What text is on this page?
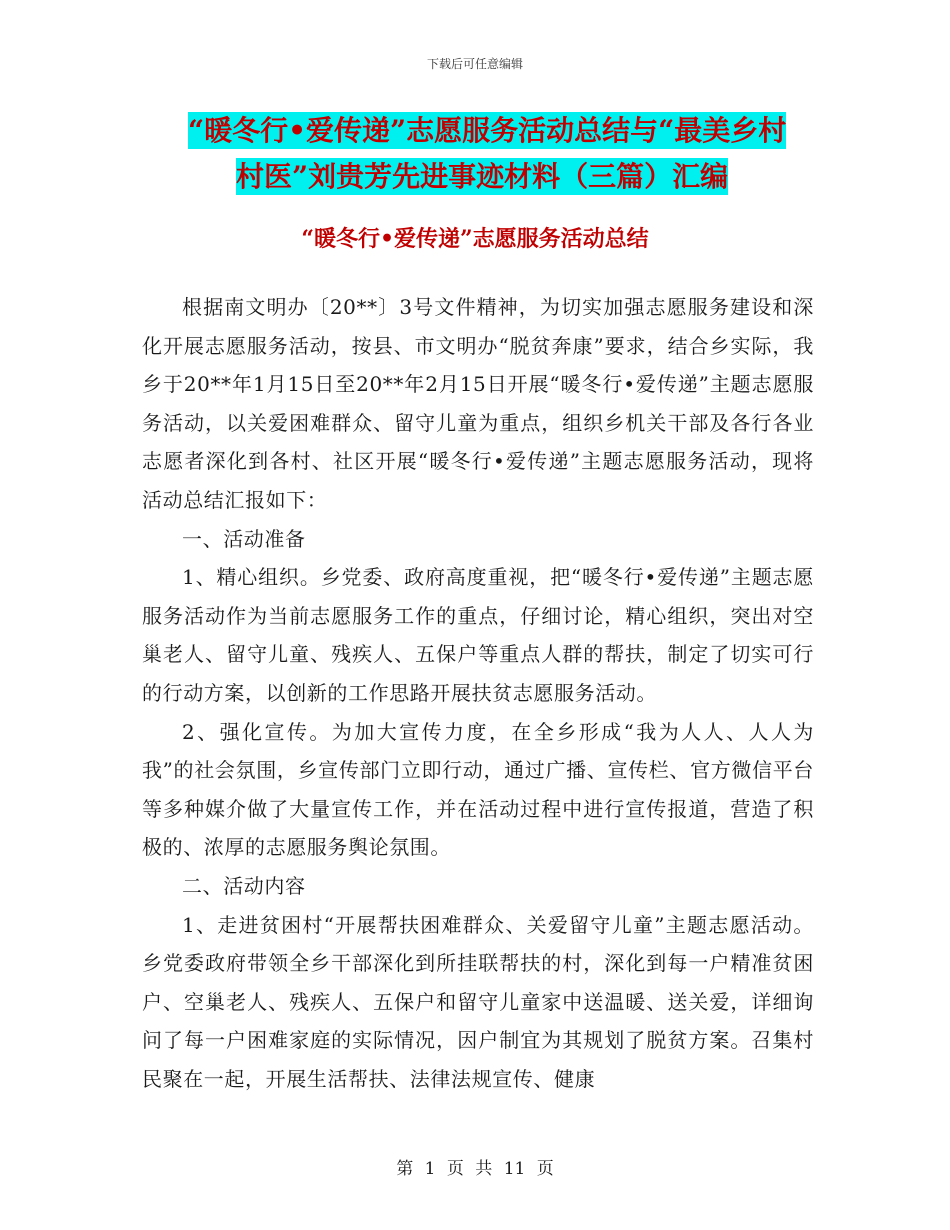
下载后可任意编辑
“暖冬行•爱传递”志愿服务活动总结与“最美乡村
村医”刘贵芳先进事迹材料（三篇）汇编
“暖冬行•爱传递”志愿服务活动总结

根据南文明办〔20**〕3号文件精神，为切实加强志愿服务建设和深化开展志愿服务活动，按县、市文明办“脱贫奔康”要求，结合乡实际，我乡于20**年1月15日至20**年2月15日开展“暖冬行•爱传递”主题志愿服务活动，以关爱困难群众、留守儿童为重点，组织乡机关干部及各行各业志愿者深化到各村、社区开展“暖冬行•爱传递”主题志愿服务活动，现将活动总结汇报如下：

一、活动准备

1、精心组织。乡党委、政府高度重视，把“暖冬行•爱传递”主题志愿服务活动作为当前志愿服务工作的重点，仔细讨论，精心组织，突出对空巢老人、留守儿童、残疾人、五保户等重点人群的帮扶，制定了切实可行的行动方案，以创新的工作思路开展扶贫志愿服务活动。

2、强化宣传。为加大宣传力度，在全乡形成“我为人人、人人为我”的社会氛围，乡宣传部门立即行动，通过广播、宣传栏、官方微信平台等多种媒介做了大量宣传工作，并在活动过程中进行宣传报道，营造了积极的、浓厚的志愿服务舆论氛围。

二、活动内容

1、走进贫困村“开展帮扶困难群众、关爱留守儿童”主题志愿活动。乡党委政府带领全乡干部深化到所挂联帮扶的村，深化到每一户精准贫困户、空巢老人、残疾人、五保户和留守儿童家中送温暖、送关爱，详细询问了每一户困难家庭的实际情况，因户制宜为其规划了脱贫方案。召集村民聚在一起，开展生活帮扶、法律法规宣传、健康

第 1 页 共 11 页
